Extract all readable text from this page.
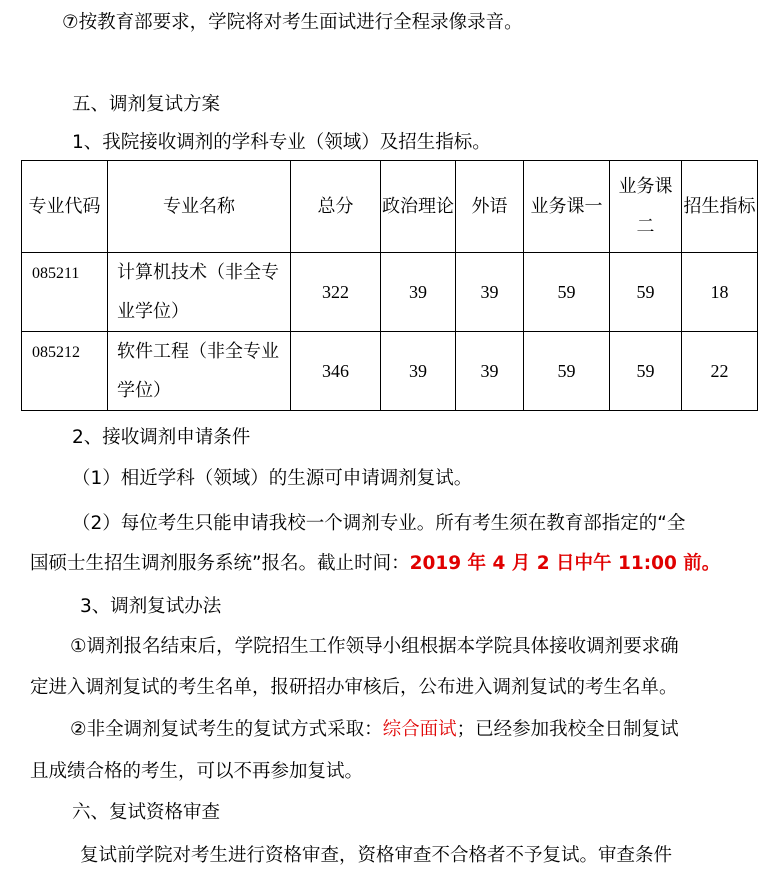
⑦按教育部要求，学院将对考生面试进行全程录像录音。
五、调剂复试方案
1、我院接收调剂的学科专业（领域）及招生指标。
专业代码	专业名称	总分	政治理论	外语	业务课一	业务课二	招生指标
085211	计算机技术（非全专业学位）	322	39	39	59	59	18
085212	软件工程（非全专业学位）	346	39	39	59	59	22
2、接收调剂申请条件
（1）相近学科（领域）的生源可申请调剂复试。
（2）每位考生只能申请我校一个调剂专业。所有考生须在教育部指定的“全
国硕士生招生调剂服务系统”报名。截止时间：2019 年 4 月 2 日中午 11:00 前。
3、调剂复试办法
①调剂报名结束后，学院招生工作领导小组根据本学院具体接收调剂要求确
定进入调剂复试的考生名单，报研招办审核后，公布进入调剂复试的考生名单。
②非全调剂复试考生的复试方式采取：综合面试；已经参加我校全日制复试
且成绩合格的考生，可以不再参加复试。
六、复试资格审查
复试前学院对考生进行资格审查，资格审查不合格者不予复试。审查条件
